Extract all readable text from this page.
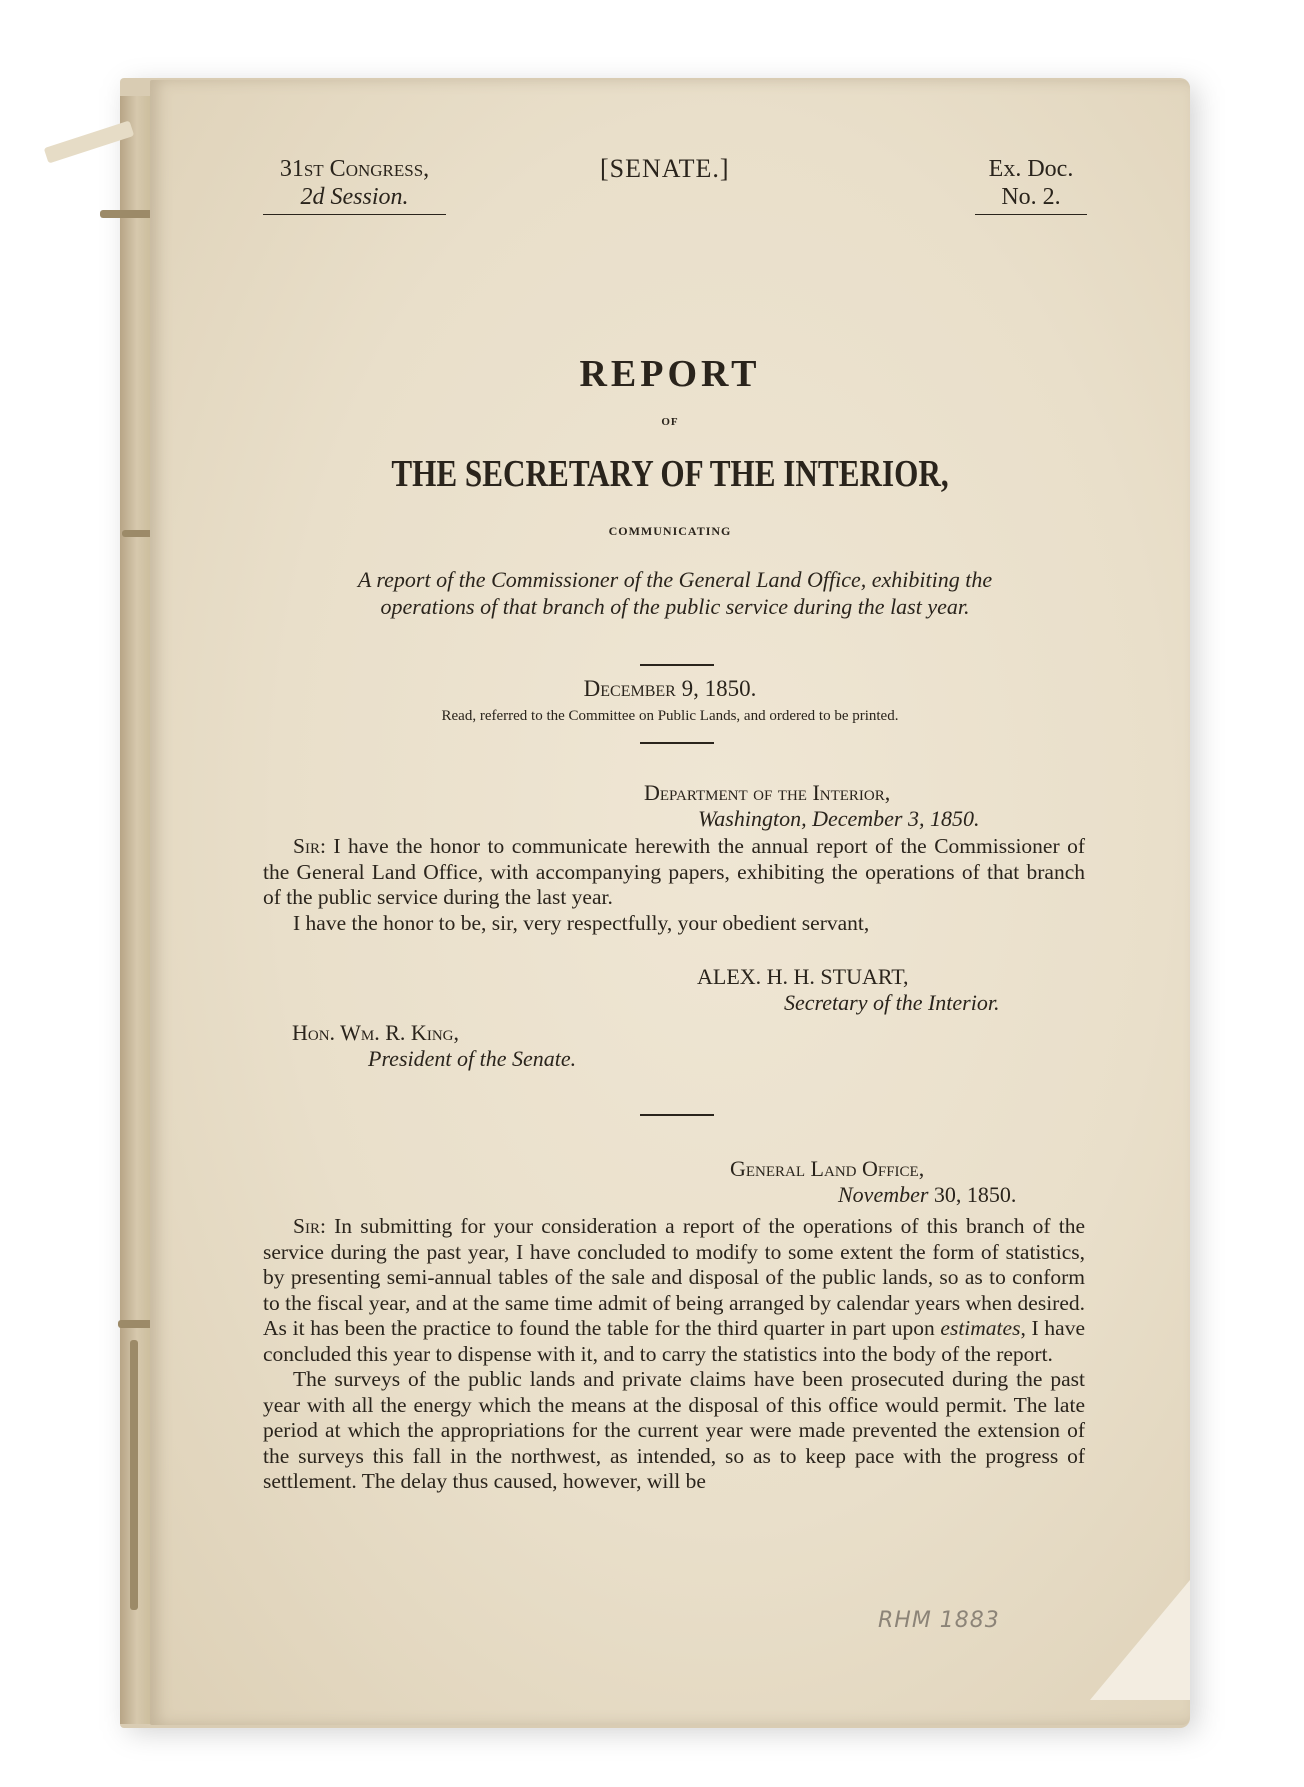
31st Congress,
2d Session.
[SENATE.]	Ex. Doc.
No. 2.
REPORT
OF
THE SECRETARY OF THE INTERIOR,
COMMUNICATING
A report of the Commissioner of the General Land Office, exhibiting the
operations of that branch of the public service during the last year.
December 9, 1850.
Read, referred to the Committee on Public Lands, and ordered to be printed.
Department of the Interior,
Washington, December 3, 1850.

Sir: I have the honor to communicate herewith the annual report of the Commissioner of the General Land Office, with accompanying papers, exhibiting the operations of that branch of the public service during the last year.

I have the honor to be, sir, very respectfully, your obedient servant,

ALEX. H. H. STUART,
Secretary of the Interior.
Hon. Wm. R. King,
President of the Senate.
General Land Office,
November 30, 1850.

Sir: In submitting for your consideration a report of the operations of this branch of the service during the past year, I have concluded to modify to some extent the form of statistics, by presenting semi-annual tables of the sale and disposal of the public lands, so as to conform to the fiscal year, and at the same time admit of being arranged by calendar years when desired. As it has been the practice to found the table for the third quarter in part upon estimates, I have concluded this year to dispense with it, and to carry the statistics into the body of the report.

The surveys of the public lands and private claims have been prosecuted during the past year with all the energy which the means at the disposal of this office would permit. The late period at which the appropriations for the current year were made prevented the extension of the surveys this fall in the northwest, as intended, so as to keep pace with the progress of settlement. The delay thus caused, however, will be

RHM 1883
